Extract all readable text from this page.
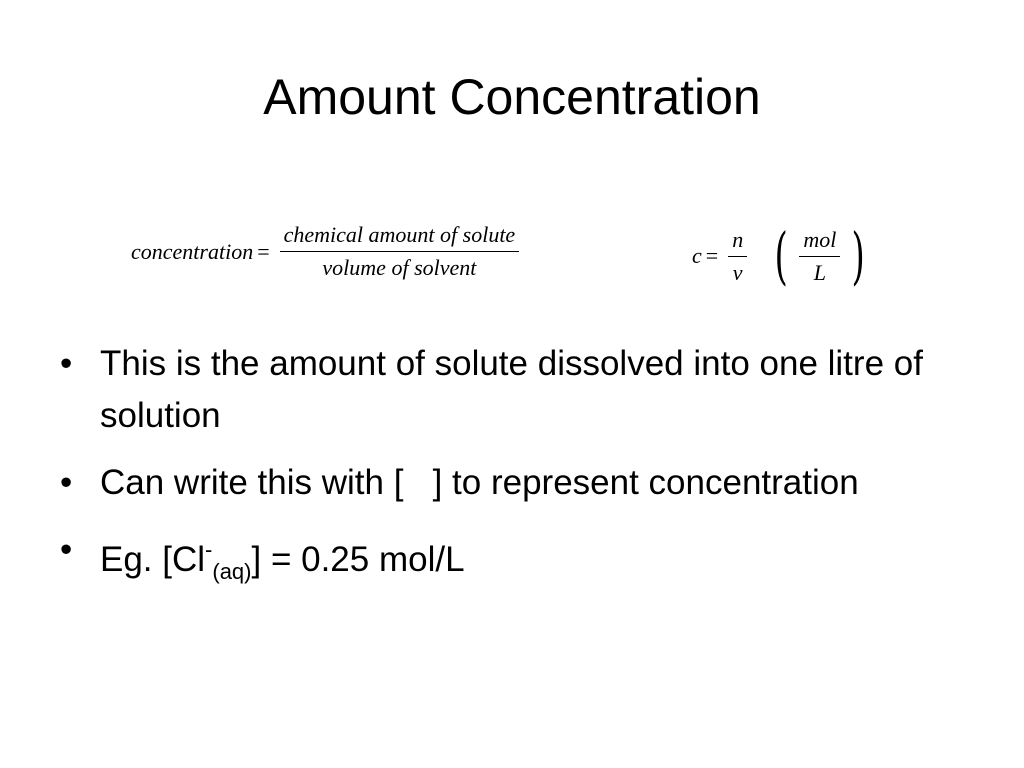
Amount Concentration
concentration = $\frac{\text{chemical amount of solute}}{\text{volume of solvent}}$	$c = \frac{n}{v}$ ( $\frac{\text{mol}}{L}$ )
• This is the amount of solute dissolved into one litre of solution
• Can write this with [   ] to represent concentration
• Eg. $[Cl^-_{(aq)}] = 0.25$ mol/L
